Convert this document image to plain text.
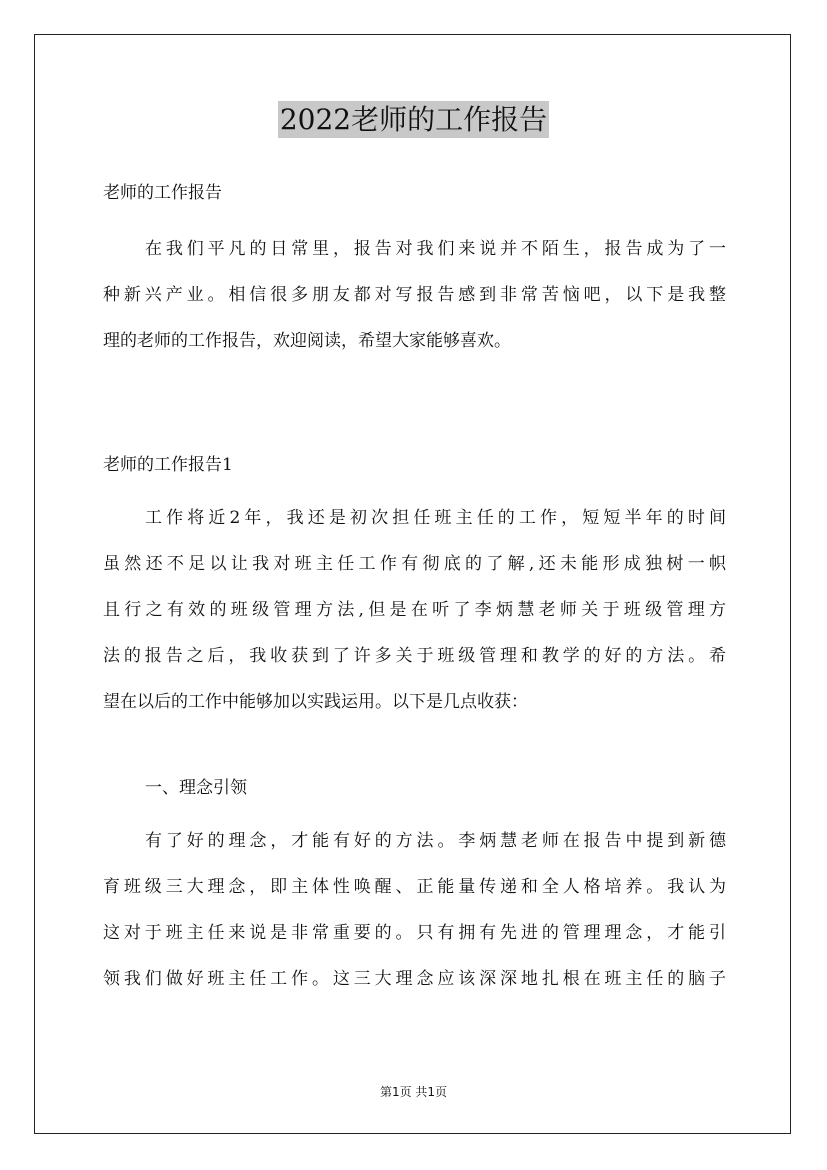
2022老师的工作报告
老师的工作报告
在我们平凡的日常里，报告对我们来说并不陌生，报告成为了一
种新兴产业。相信很多朋友都对写报告感到非常苦恼吧，以下是我整
理的老师的工作报告，欢迎阅读，希望大家能够喜欢。
老师的工作报告1
工作将近2年，我还是初次担任班主任的工作，短短半年的时间
虽然还不足以让我对班主任工作有彻底的了解,还未能形成独树一帜
且行之有效的班级管理方法,但是在听了李炳慧老师关于班级管理方
法的报告之后，我收获到了许多关于班级管理和教学的好的方法。希
望在以后的工作中能够加以实践运用。以下是几点收获：
一、理念引领
有了好的理念，才能有好的方法。李炳慧老师在报告中提到新德
育班级三大理念，即主体性唤醒、正能量传递和全人格培养。我认为
这对于班主任来说是非常重要的。只有拥有先进的管理理念，才能引
领我们做好班主任工作。这三大理念应该深深地扎根在班主任的脑子
第1页 共1页
